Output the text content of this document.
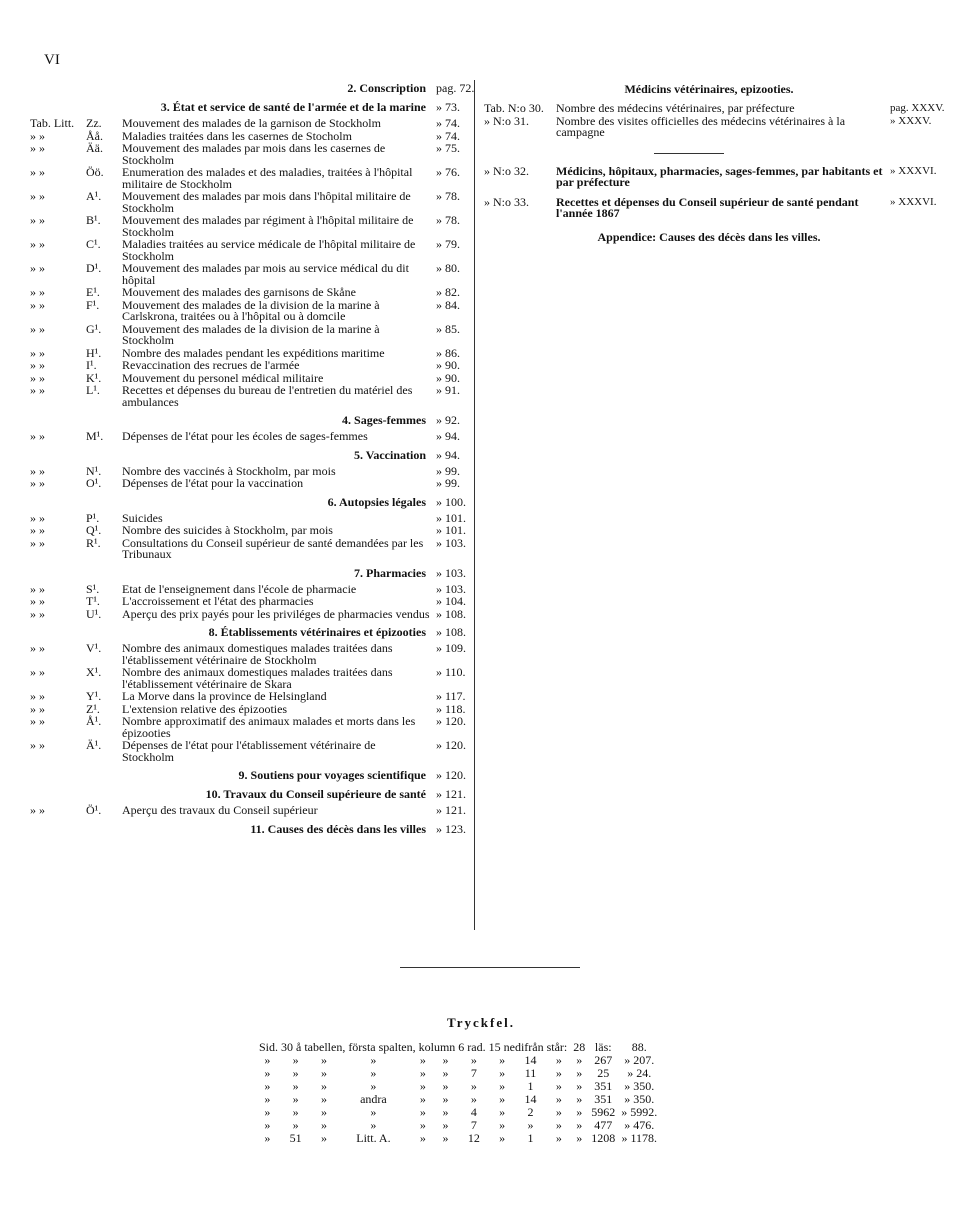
VI
2. Conscription pag. 72.
3. État et service de santé de l'armée et de la marine » 73.
Tab. Litt. Zz.	Mouvement des malades de la garnison de Stockholm	» 74.
» »	Åå.	Maladies traitées dans les casernes de Stocholm	» 74.
» »	Ää.	Mouvement des malades par mois dans les casernes de Stockholm
» 75.
» »	Öö.	Enumeration des malades et des maladies, traitées à l'hôpital militaire de Stockholm
» 76.
» »	A¹.	Mouvement des malades par mois dans l'hôpital militaire de Stockholm
» 78.
» »	B¹.	Mouvement des malades par régiment à l'hôpital militaire de Stockholm
» 78.
» »	C¹.	Maladies traitées au service médicale de l'hôpital militaire de Stockholm
» 79.
» »	D¹.	Mouvement des malades par mois au service médical du dit hôpital
» 80.
» »	E¹.	Mouvement des malades des garnisons de Skåne	» 82.
» »	F¹.	Mouvement des malades de la division de la marine à Carlskrona, traitées ou à l'hôpital ou à domcile
» 84.
» »	G¹.	Mouvement des malades de la division de la marine à Stockholm
» 85.
» »	H¹.	Nombre des malades pendant les expéditions maritime	» 86.
» »	I¹.	Revaccination des recrues de l'armée	» 90.
» »	K¹.	Mouvement du personel médical militaire	» 90.
» »	L¹.	Recettes et dépenses du bureau de l'entretien du matériel des ambulances
» 91.
4. Sages-femmes » 92.
» »	M¹.	Dépenses de l'état pour les écoles de sages-femmes	» 94.
5. Vaccination » 94.
» »	N¹.	Nombre des vaccinés à Stockholm, par mois	» 99.
» »	O¹.	Dépenses de l'état pour la vaccination	» 99.
6. Autopsies légales » 100.
» »	P¹.	Suicides	» 101.
» »	Q¹.	Nombre des suicides à Stockholm, par mois	» 101.
» »	R¹.	Consultations du Conseil supérieur de santé demandées par les Tribunaux
» 103.
7. Pharmacies » 103.
» »	S¹.	Etat de l'enseignement dans l'école de pharmacie	» 103.
» »	T¹.	L'accroissement et l'état des pharmacies	» 104.
» »	U¹.	Aperçu des prix payés pour les priviléges de pharmacies vendus » 108.
8. Établissements vétérinaires et épizooties » 108.
» »	V¹.	Nombre des animaux domestiques malades traitées dans l'établissement vétérinaire de Stockholm
» 109.
» »	X¹.	Nombre des animaux domestiques malades traitées dans l'établissement vétérinaire de Skara
» 110.
» »	Y¹.	La Morve dans la province de Helsingland	» 117.
» »	Z¹.	L'extension relative des épizooties	» 118.
» »	Å¹.	Nombre approximatif des animaux malades et morts dans les épizooties
» 120.
» »	Ä¹.	Dépenses de l'état pour l'établissement vétérinaire de Stockholm
» 120.
9. Soutiens pour voyages scientifique » 120.
10. Travaux du Conseil supérieure de santé » 121.
» »	Ö¹.	Aperçu des travaux du Conseil supérieur	» 121.
11. Causes des décès dans les villes » 123.
Médicins vétérinaires, epizooties.
Tab. N:o 30.	Nombre des médecins vétérinaires, par préfecture	pag. XXXV.
» N:o 31.	Nombre des visites officielles des médecins vétérinaires à la campagne
» XXXV.
» N:o 32.	Médicins, hôpitaux, pharmacies, sages-femmes, par habitants et par préfecture
» XXXVI.
» N:o 33.	Recettes et dépenses du Conseil supérieur de santé pendant l'année 1867
» XXXVI.
Appendice: Causes des décès dans les villes.
Tryckfel.
Sid. 30 å tabellen, första spalten, kolumn 6 rad. 15 nedifrån står:										28	läs:	88.
»	»	»	»	»	»	»	»	14	»	»	267	» 207.
»	»	»	»	»	»	7	»	11	»	»	25	» 24.
»	»	»	»	»	»	»	»	1	»	»	351	» 350.
»	»	»	andra	»	»	»	»	14	»	»	351	» 350.
»	»	»	»	»	»	4	»	2	»	»	5962	» 5992.
»	»	»	»	»	»	7	»	»	»	»	477	» 476.
»	51	»	Litt. A.	»	»	12	»	1	»	»	1208	» 1178.
